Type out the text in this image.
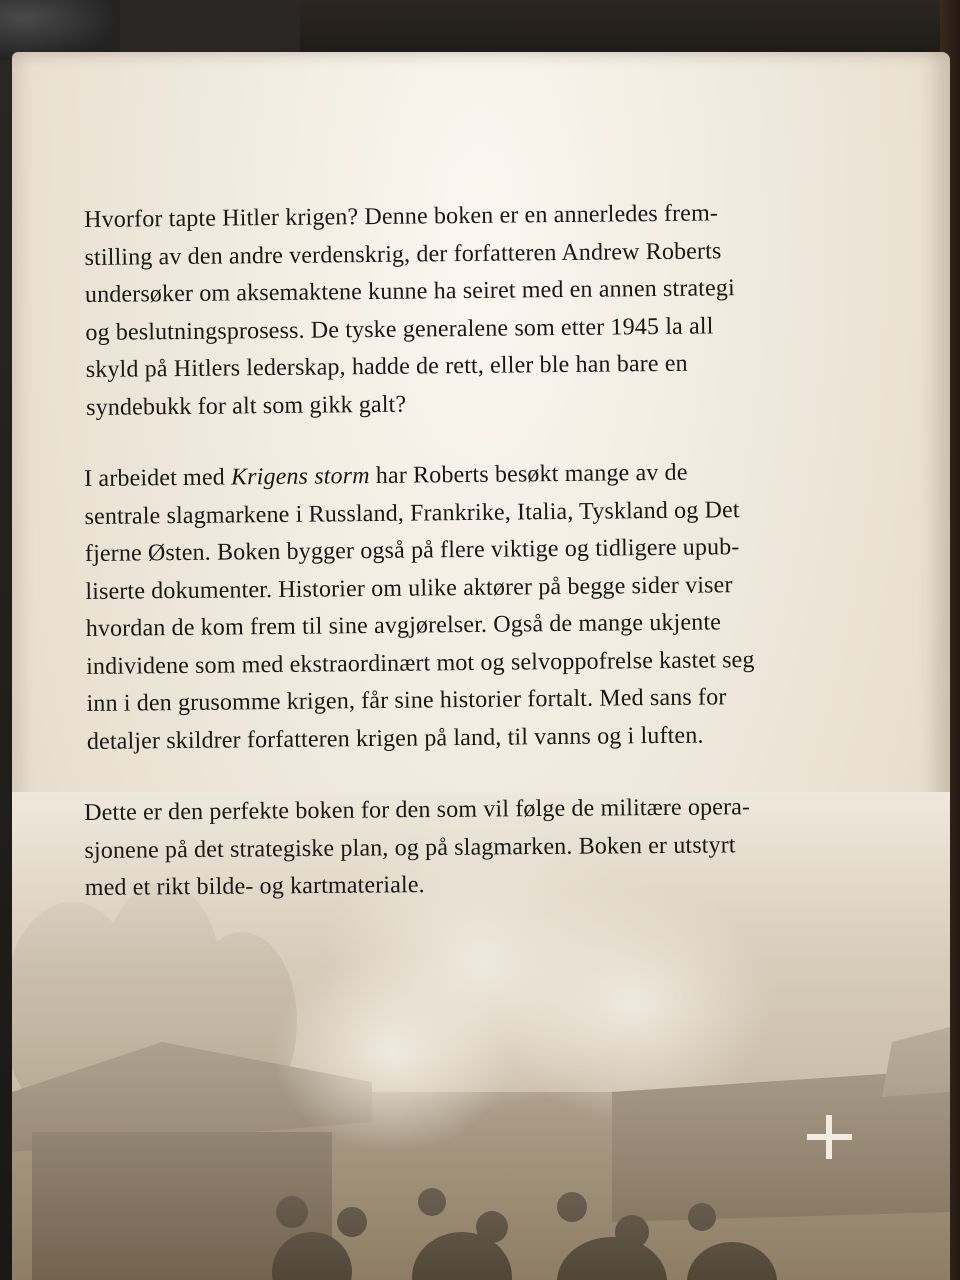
Hvorfor tapte Hitler krigen? Denne boken er en annerledes frem-
stilling av den andre verdenskrig, der forfatteren Andrew Roberts
undersøker om aksemaktene kunne ha seiret med en annen strategi
og beslutningsprosess. De tyske generalene som etter 1945 la all
skyld på Hitlers lederskap, hadde de rett, eller ble han bare en
syndebukk for alt som gikk galt?

I arbeidet med Krigens storm har Roberts besøkt mange av de
sentrale slagmarkene i Russland, Frankrike, Italia, Tyskland og Det
fjerne Østen. Boken bygger også på flere viktige og tidligere upub-
liserte dokumenter. Historier om ulike aktører på begge sider viser
hvordan de kom frem til sine avgjørelser. Også de mange ukjente
individene som med ekstraordinært mot og selvoppofrelse kastet seg
inn i den grusomme krigen, får sine historier fortalt. Med sans for
detaljer skildrer forfatteren krigen på land, til vanns og i luften.

Dette er den perfekte boken for den som vil følge de militære opera-
sjonene på det strategiske plan, og på slagmarken. Boken er utstyrt
med et rikt bilde- og kartmateriale.
